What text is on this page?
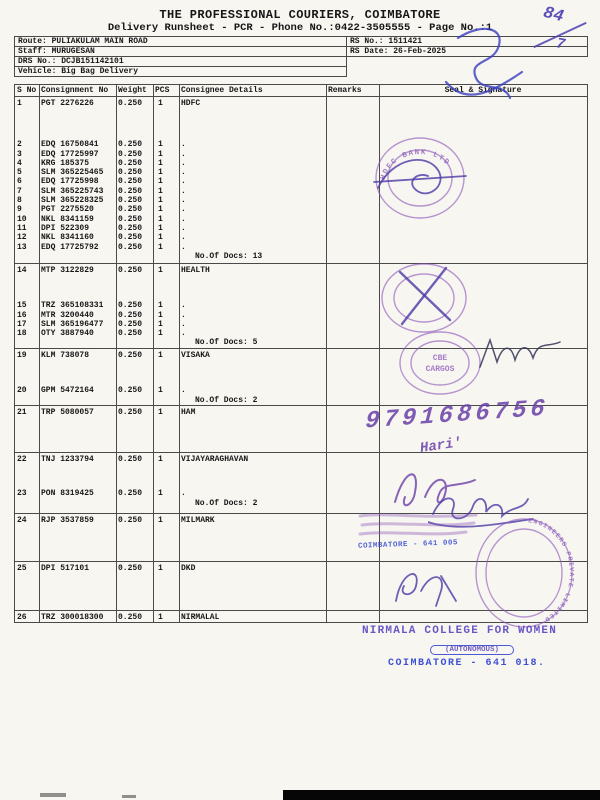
THE PROFESSIONAL COURIERS, COIMBATORE
Delivery Runsheet - PCR - Phone No.:0422-3505555 - Page No.:1
Route: PULIAKULAM MAIN ROAD	RS No.: 1511421
Staff: MURUGESAN	RS Date: 26-Feb-2025
DRS No.: DCJB151142101
Vehicle: Big Bag Delivery
S No Consignment No	Weight	PCS	Consignee Details	Remarks	Seal & Signature
1	PGT 2276226	0.250	1	HDFC
2	EDQ 16750841	0.250	1	.
3	EDQ 17725997	0.250	1	.
4	KRG 185375	0.250	1	.
5	SLM 365225465	0.250	1	.
6	EDQ 17725998	0.250	1	.
7	SLM 365225743	0.250	1	.
8	SLM 365228325	0.250	1	.
9	PGT 2275520	0.250	1	.
10	NKL 8341159	0.250	1	.
11	DPI 522309	0.250	1	.
12	NKL 8341160	0.250	1	.
13	EDQ 17725792	0.250	1	.
No.Of Docs: 13
14	MTP 3122829	0.250	1	HEALTH
15	TRZ 365108331	0.250	1	.
16	MTR 3200440	0.250	1	.
17	SLM 365196477	0.250	1	.
18	OTY 3887940	0.250	1	.
No.Of Docs: 5
19	KLM 738078	0.250	1	VISAKA
20	GPM 5472164	0.250	1	.
No.Of Docs: 2
21	TRP 5080057	0.250	1	HAM
22	TNJ 1233794	0.250	1	VIJAYARAGHAVAN
23	PON 8319425	0.250	1	.
No.Of Docs: 2
24	RJP 3537859	0.250	1	MILMARK
25	DPI 517101	0.250	1	DKD
26	TRZ 300018300	0.250	1	NIRMALAL
84
7
HDFC BANK LTD
CBE
CARGOS
9791686756
Hari'
COIMBATORE - 641 005
ENGINEERS PRIVATE LIMITED
NIRMALA COLLEGE FOR WOMEN
(AUTONOMOUS)
COIMBATORE - 641 018.
